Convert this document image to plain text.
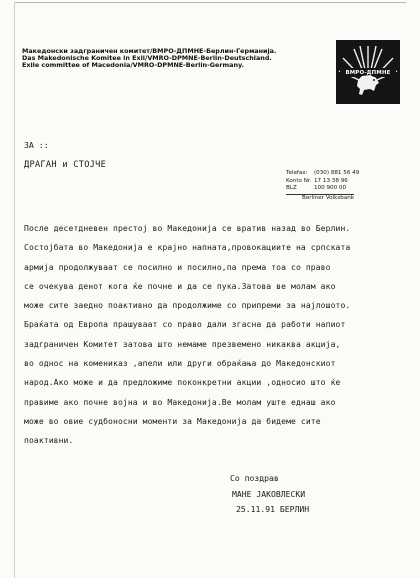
Македонски задграничен комитет/ВМРО-ДПМНЕ-Берлин-Германија.
Das Makedonische Komitee in Exil/VMRO-DPMNE-Berlin-Deutschland.
Exile committee of Macedonia/VMRO-DPMNE-Berlin-Germany.
ВМРО-ДПМНЕ
ЗА ::
ДРАГАН и СТОЈЧЕ
Telefax:	(030) 881 56 49
Konto Nr. 17 13 38 96
BLZ	100 900 00
Berliner Volksbank
После десетдневен престој во Македонија се вратив назад во Берлин.
Состојбата во Македонија е крајно напната,провокациите на српската
армија продолжуваат се посилно и посилно,па према тоа со право
се очекува денот кога ќе почне и да се пука.Затова ве молам ако
може сите заедно поактивно да продолжиме со припреми за најлошото.
Браќата од Европа прашуваат со право дали згасна да работи напиот
задграничен Комитет затова што немаме презвемено никаква акција,
во однос на комениказ ,апели или други обраќања до Македонскиот
народ.Ако може и да предложиме поконкретни акции ,односио што ќе
правиме ако почне војна и во Македонија.Ве молам уште еднаш ако
може во овие судбоносни моменти за Македонија да бидеме сите
поактивни.
Со поздрав
МАНЕ ЈАКОВЛЕСКИ
25.11.91 БЕРЛИН
